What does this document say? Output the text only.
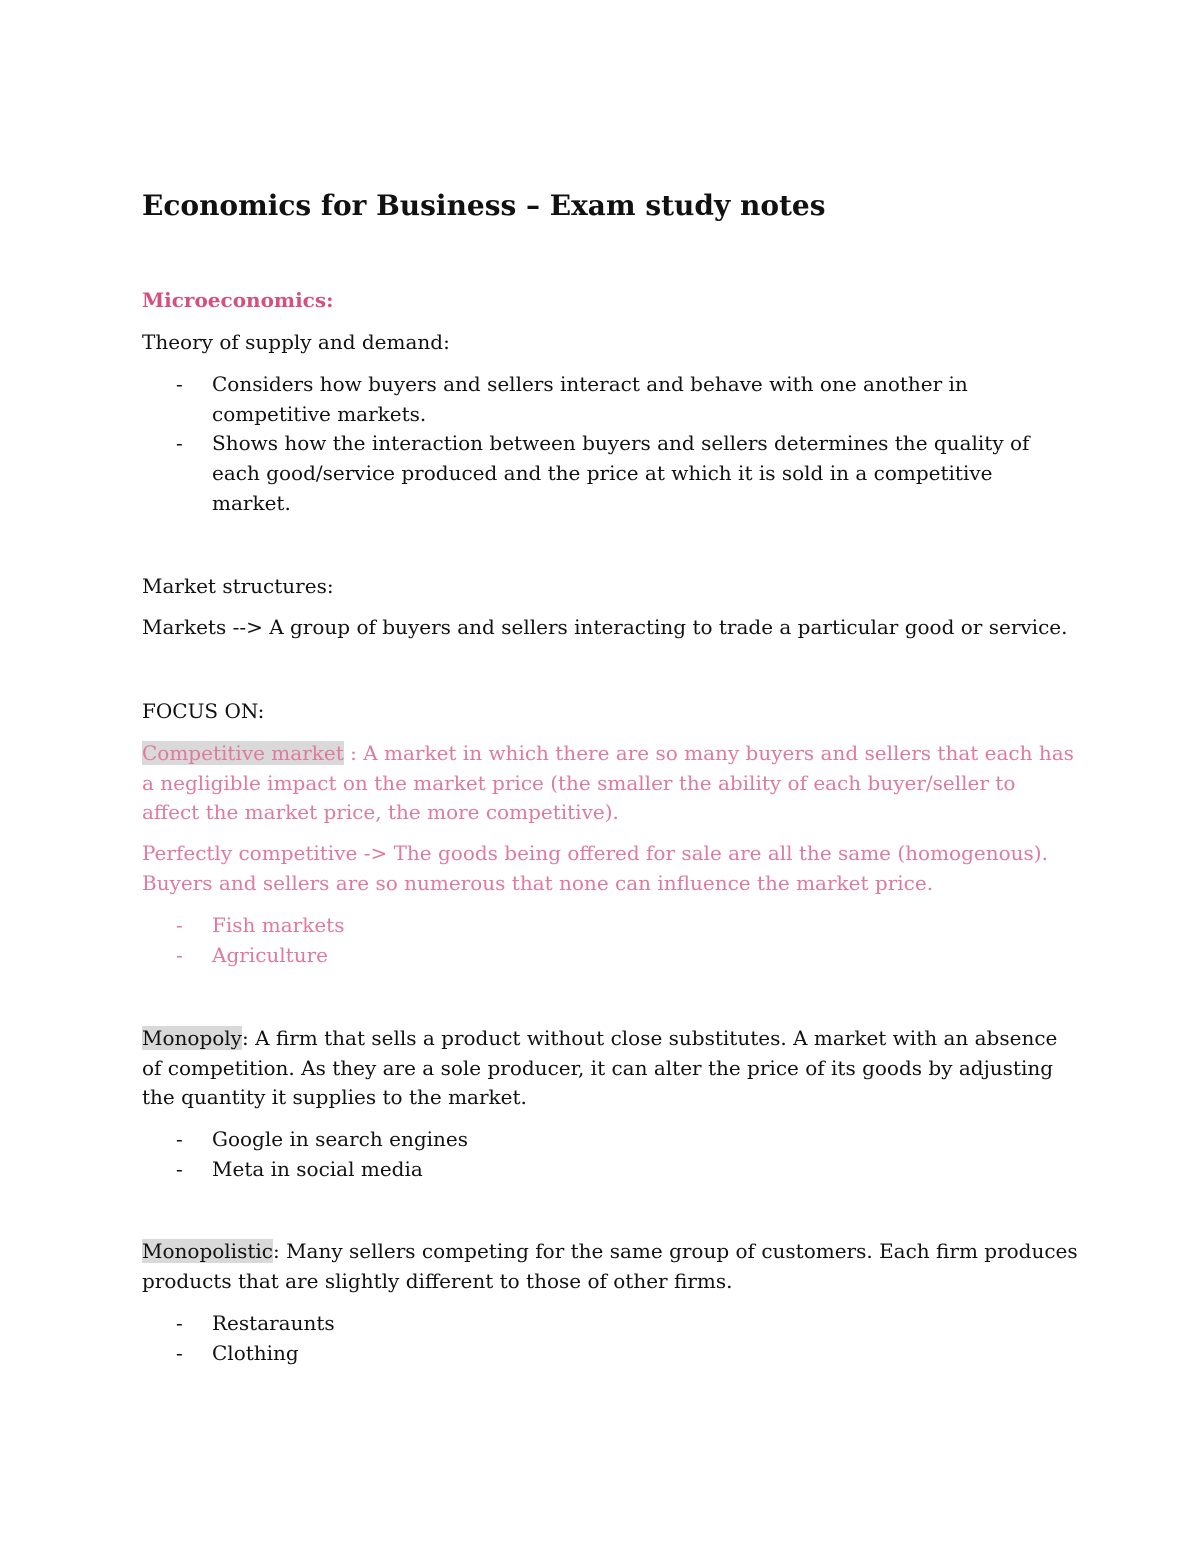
Economics for Business – Exam study notes
Microeconomics:
Theory of supply and demand:
- Considers how buyers and sellers interact and behave with one another in
competitive markets.
- Shows how the interaction between buyers and sellers determines the quality of
each good/service produced and the price at which it is sold in a competitive
market.
Market structures:
Markets --> A group of buyers and sellers interacting to trade a particular good or service.
FOCUS ON:
Competitive market : A market in which there are so many buyers and sellers that each has
a negligible impact on the market price (the smaller the ability of each buyer/seller to
affect the market price, the more competitive).
Perfectly competitive -> The goods being offered for sale are all the same (homogenous).
Buyers and sellers are so numerous that none can influence the market price.
- Fish markets
- Agriculture
Monopoly: A firm that sells a product without close substitutes. A market with an absence
of competition. As they are a sole producer, it can alter the price of its goods by adjusting
the quantity it supplies to the market.
- Google in search engines
- Meta in social media
Monopolistic: Many sellers competing for the same group of customers. Each firm produces
products that are slightly different to those of other firms.
- Restaraunts
- Clothing
